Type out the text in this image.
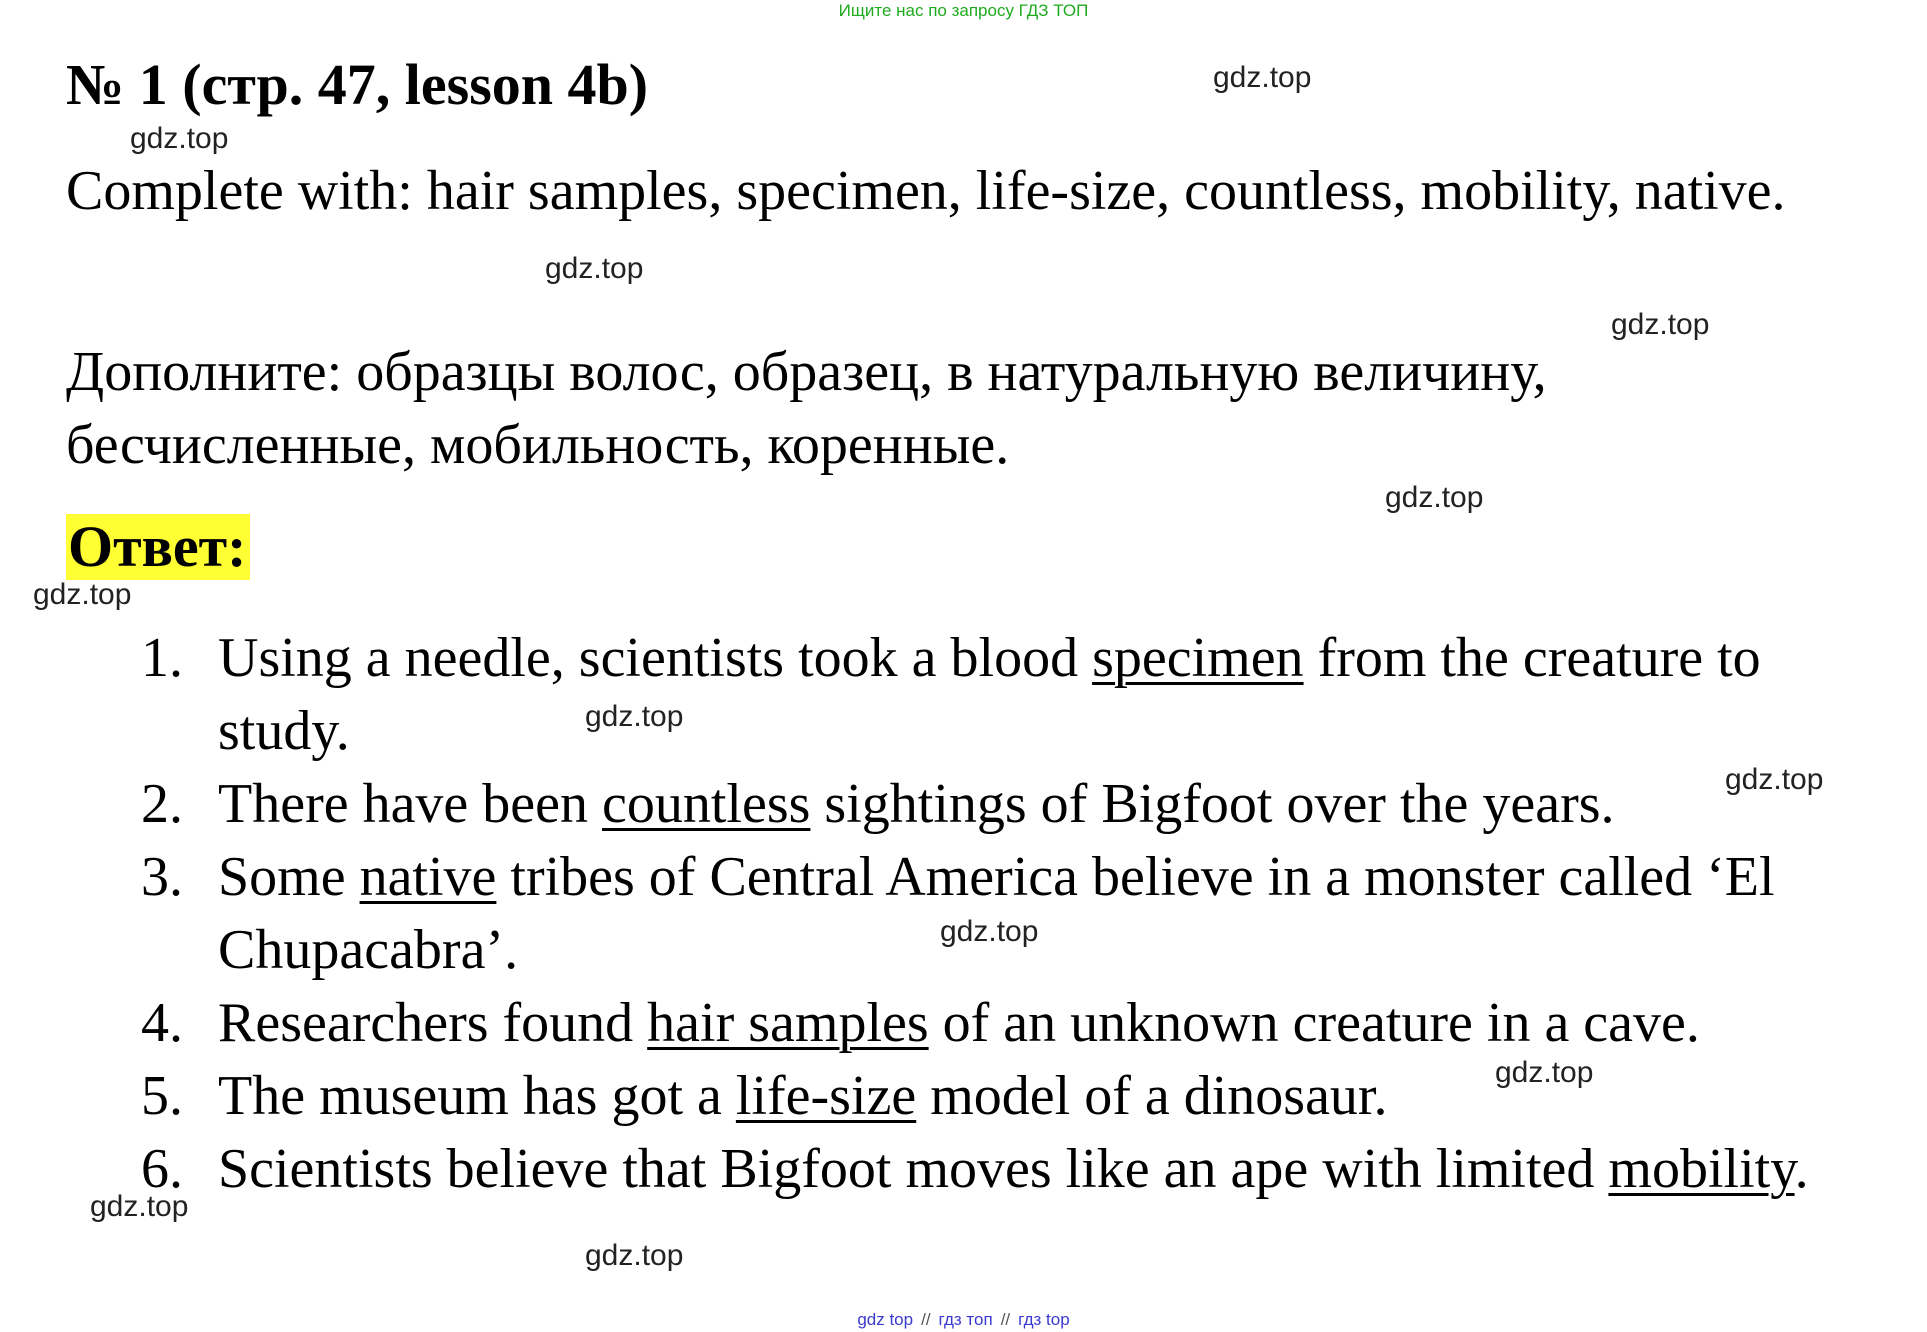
Ищите нас по запросу ГДЗ ТОП
№ 1 (стр. 47, lesson 4b)
Complete with: hair samples, specimen, life-size, countless, mobility, native.
Дополните: образцы волос, образец, в натуральную величину, бесчисленные, мобильность, коренные.
Ответ:
1. Using a needle, scientists took a blood specimen from the creature to study.
2. There have been countless sightings of Bigfoot over the years.
3. Some native tribes of Central America believe in a monster called ‘El Chupacabra’.
4. Researchers found hair samples of an unknown creature in a cave.
5. The museum has got a life-size model of a dinosaur.
6. Scientists believe that Bigfoot moves like an ape with limited mobility.
gdz.top
gdz.top
gdz.top
gdz.top
gdz.top
gdz.top
gdz.top
gdz.top
gdz.top
gdz.top
gdz.top
gdz.top
gdz top // гдз топ // гдз top
